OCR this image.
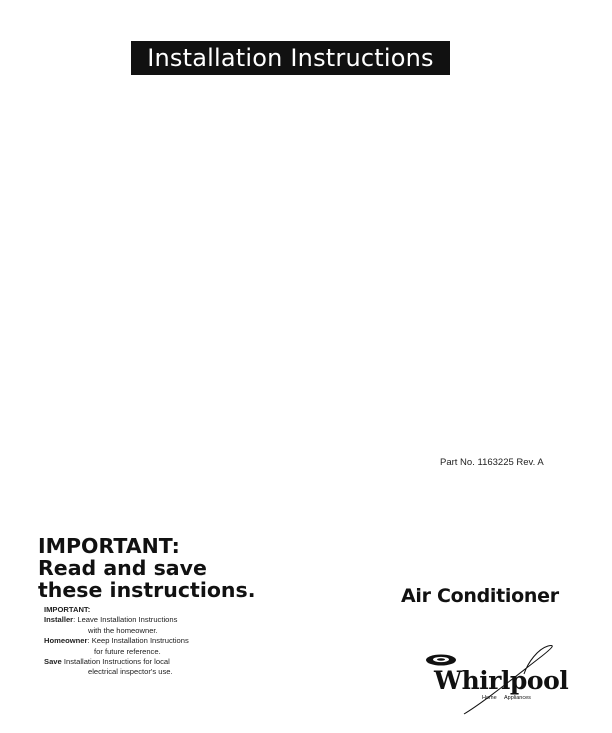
Installation Instructions
Part No. 1163225 Rev. A
IMPORTANT:
Read and save
these instructions.
IMPORTANT:
Installer: Leave Installation Instructions
with the homeowner.
Homeowner: Keep Installation Instructions
for future reference.
Save Installation Instructions for local
electrical inspector's use.
Air Conditioner
Whirlpool
Home Appliances
